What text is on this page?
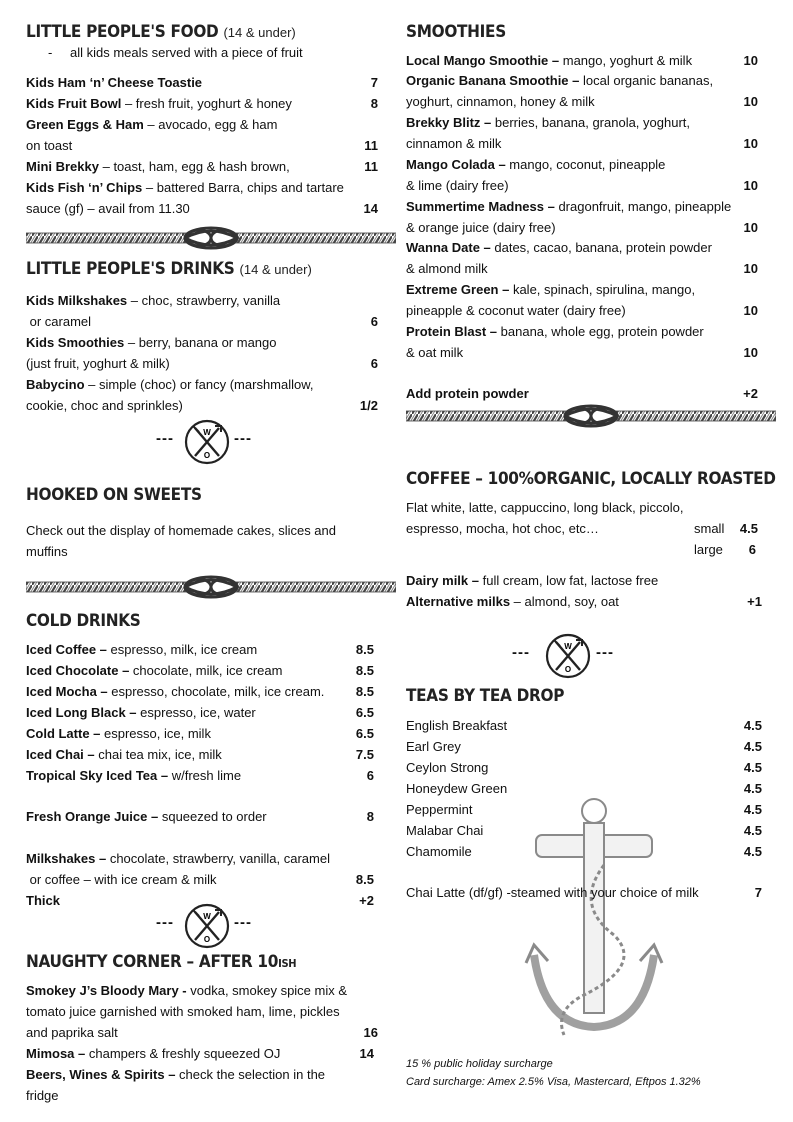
LITTLE PEOPLE'S FOOD (14 & under)
- all kids meals served with a piece of fruit
Kids Ham ‘n’ Cheese Toastie	7
Kids Fruit Bowl – fresh fruit, yoghurt & honey	8
Green Eggs & Ham – avocado, egg & ham
on toast	11
Mini Brekky – toast, ham, egg & hash brown,	11
Kids Fish ‘n’ Chips – battered Barra, chips and tartare
sauce (gf) – avail from 11.30	14
LITTLE PEOPLE'S DRINKS (14 & under)
Kids Milkshakes – choc, strawberry, vanilla
or caramel	6
Kids Smoothies – berry, banana or mango
(just fruit, yoghurt & milk)	6
Babycino – simple (choc) or fancy (marshmallow,
cookie, choc and sprinkles)	1/2
---	W
O
---
HOOKED ON SWEETS
Check out the display of homemade cakes, slices and
muffins
COLD DRINKS
Iced Coffee – espresso, milk, ice cream	8.5
Iced Chocolate – chocolate, milk, ice cream	8.5
Iced Mocha – espresso, chocolate, milk, ice cream. 8.5
Iced Long Black – espresso, ice, water	6.5
Cold Latte – espresso, ice, milk	6.5
Iced Chai – chai tea mix, ice, milk	7.5
Tropical Sky Iced Tea – w/fresh lime	6
Fresh Orange Juice – squeezed to order	8
Milkshakes – chocolate, strawberry, vanilla, caramel
or coffee – with ice cream & milk	8.5
Thick	+2
---	W
O
---
NAUGHTY CORNER – AFTER 10ISH
Smokey J’s Bloody Mary - vodka, smokey spice mix &
tomato juice garnished with smoked ham, lime, pickles
and paprika salt	16
Mimosa – champers & freshly squeezed OJ	14
Beers, Wines & Spirits – check the selection in the
fridge
SMOOTHIES
Local Mango Smoothie – mango, yoghurt & milk	10
Organic Banana Smoothie – local organic bananas,
yoghurt, cinnamon, honey & milk	10
Brekky Blitz – berries, banana, granola, yoghurt,
cinnamon & milk	10
Mango Colada – mango, coconut, pineapple
& lime (dairy free)	10
Summertime Madness – dragonfruit, mango, pineapple
& orange juice (dairy free)	10
Wanna Date – dates, cacao, banana, protein powder
& almond milk	10
Extreme Green – kale, spinach, spirulina, mango,
pineapple & coconut water (dairy free)	10
Protein Blast – banana, whole egg, protein powder
& oat milk	10
Add protein powder	+2
COFFEE – 100%ORGANIC, LOCALLY ROASTED
Flat white, latte, cappuccino, long black, piccolo,
espresso, mocha, hot choc, etc…	small 4.5
large 6
Dairy milk – full cream, low fat, lactose free
Alternative milks – almond, soy, oat	+1
---	W
O
---
TEAS BY TEA DROP
English Breakfast	4.5
Earl Grey	4.5
Ceylon Strong	4.5
Honeydew Green	4.5
Peppermint	4.5
Malabar Chai	4.5
Chamomile	4.5
Chai Latte (df/gf) -steamed with your choice of milk	7
15 % public holiday surcharge
Card surcharge: Amex 2.5% Visa, Mastercard, Eftpos 1.32%
